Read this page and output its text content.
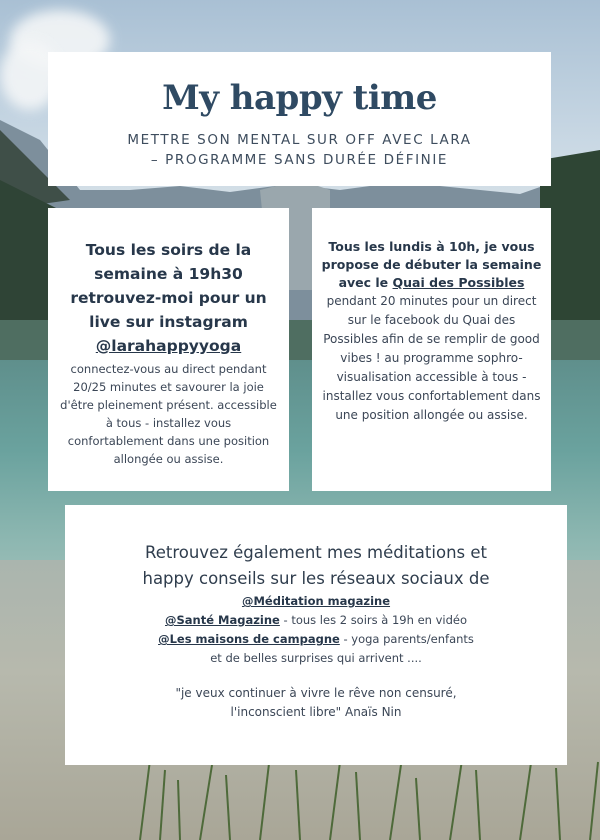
My happy time
METTRE SON MENTAL SUR OFF AVEC LARA
– PROGRAMME SANS DURÉE DÉFINIE
Tous les soirs de la semaine à 19h30 retrouvez-moi pour un live sur instagram
@larahappyyoga
connectez-vous au direct pendant 20/25 minutes et savourer la joie d'être pleinement présent. accessible à tous - installez vous confortablement dans une position allongée ou assise.
Tous les lundis à 10h, je vous propose de débuter la semaine avec le Quai des Possibles
pendant 20 minutes pour un direct sur le facebook du Quai des Possibles afin de se remplir de good vibes ! au programme sophro-visualisation accessible à tous - installez vous confortablement dans une position allongée ou assise.
Retrouvez également mes méditations et happy conseils sur les réseaux sociaux de
@Méditation magazine
@Santé Magazine - tous les 2 soirs à 19h en vidéo
@Les maisons de campagne - yoga parents/enfants
et de belles surprises qui arrivent ....
"je veux continuer à vivre le rêve non censuré, l'inconscient libre" Anaïs Nin
